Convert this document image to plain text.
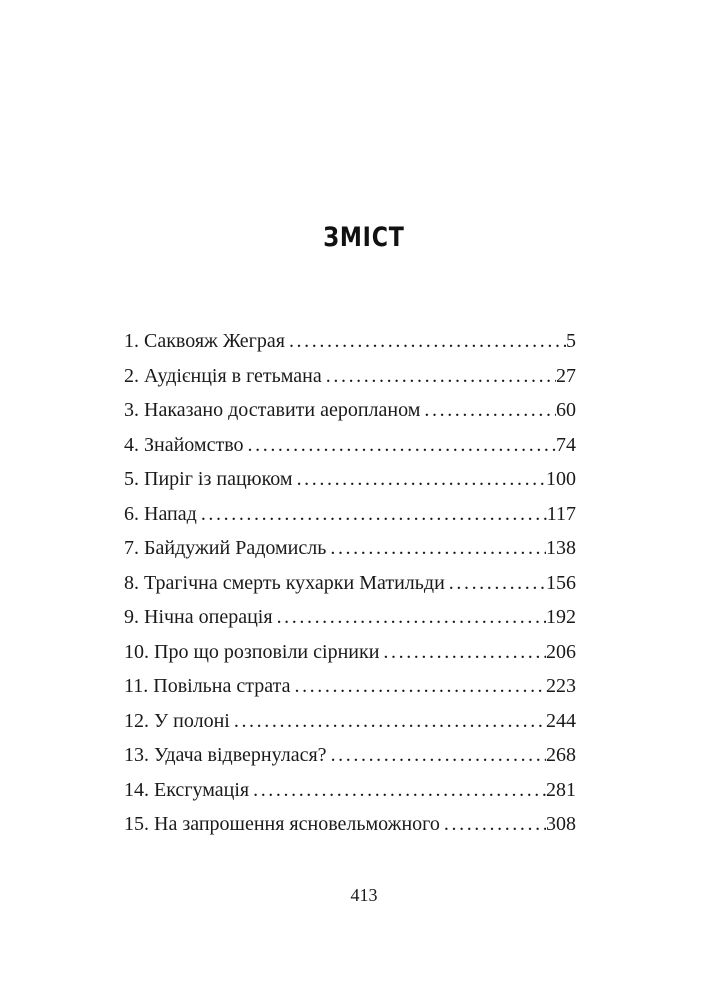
ЗМІСТ
1. Саквояж Жеграя . . .	5
2. Аудієнція в гетьмана . . .	27
3. Наказано доставити аероплaном . . .	60
4. Знайомство . . .	74
5. Пиріг із пацюком . . .	100
6. Напад . . .	117
7. Байдужий Радомисль . . .	138
8. Трагічна смерть кухарки Матильди . . .	156
9. Нічна операція . . .	192
10. Про що розповіли сірники . . .	206
11. Повільна страта . . .	223
12. У полоні . . .	244
13. Удача відвернулася? . . .	268
14. Ексгумація . . .	281
15. На запрошення ясновельможного . . .	308
413
